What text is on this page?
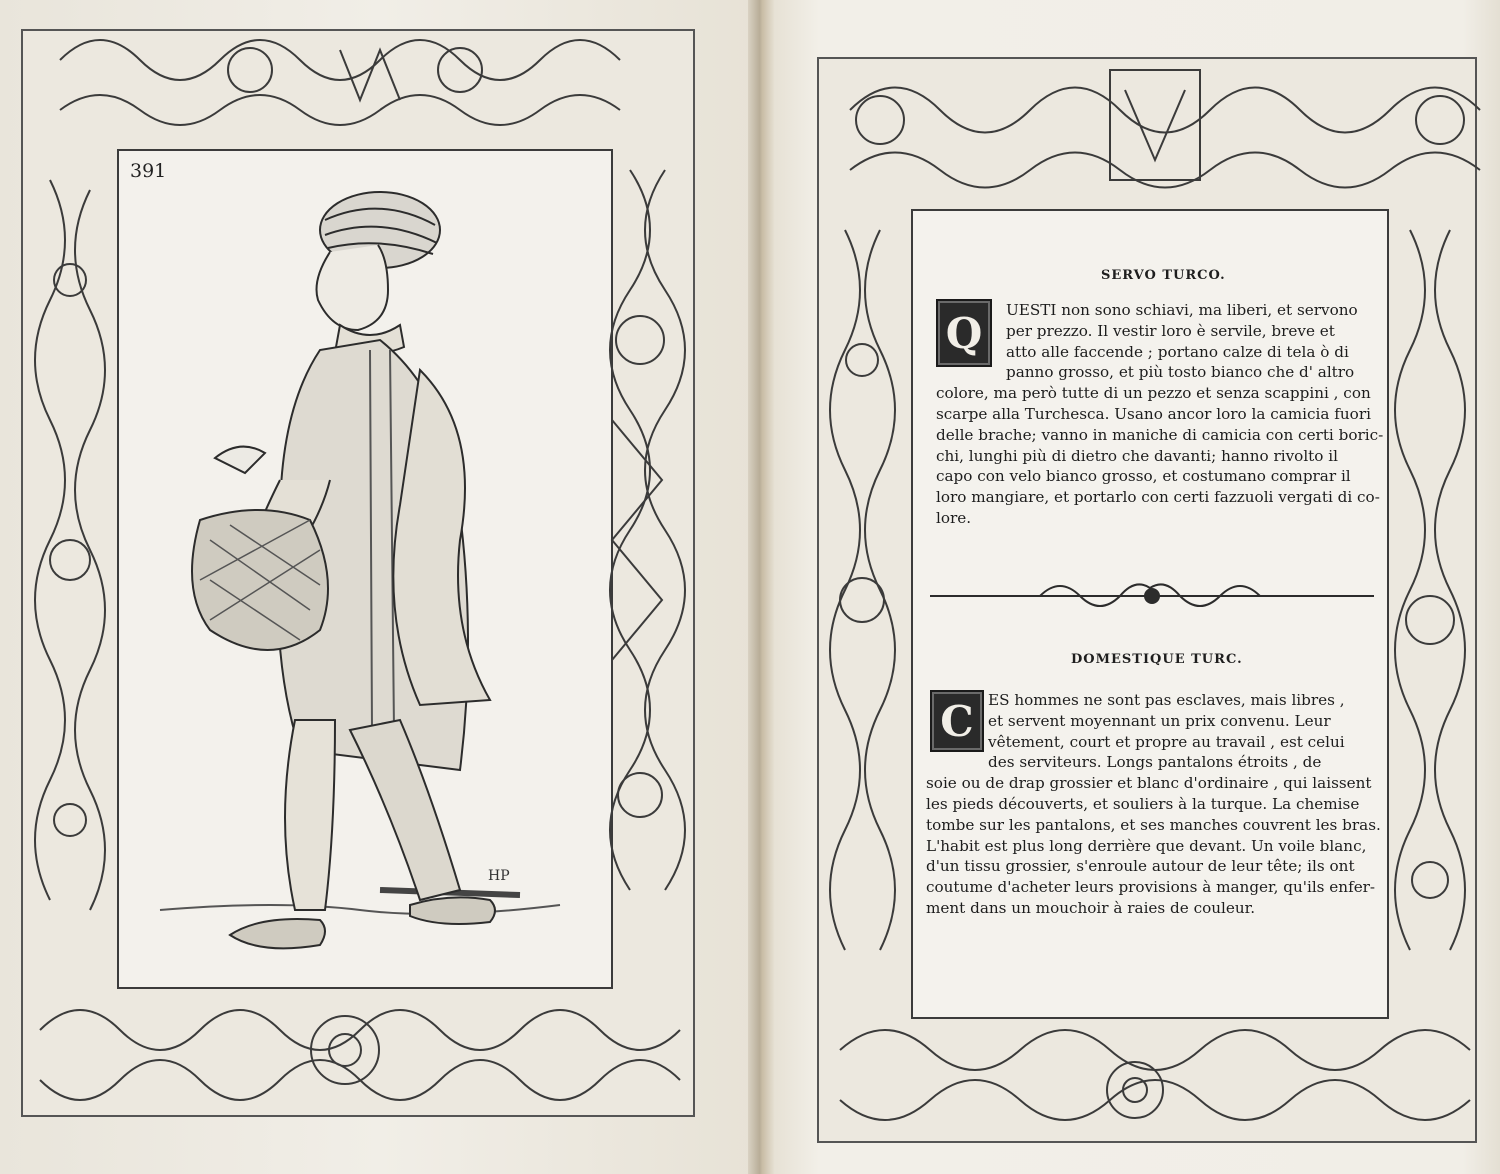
391
HP
SERVO TURCO.
Q	UESTI non sono schiavi, ma liberi, et servono
per prezzo. Il vestir loro è servile, breve et
atto alle faccende ; portano calze di tela ò di
panno grosso, et più tosto bianco che d' altro
colore, ma però tutte di un pezzo et senza scappini , con
scarpe alla Turchesca. Usano ancor loro la camicia fuori
delle brache; vanno in maniche di camicia con certi boric-
chi, lunghi più di dietro che davanti; hanno rivolto il
capo con velo bianco grosso, et costumano comprar il
loro mangiare, et portarlo con certi fazzuoli vergati di co-
lore.
DOMESTIQUE TURC.
C ES hommes ne sont pas esclaves, mais libres ,
et servent moyennant un prix convenu. Leur
vêtement, court et propre au travail , est celui
des serviteurs. Longs pantalons étroits , de
soie ou de drap grossier et blanc d'ordinaire , qui laissent
les pieds découverts, et souliers à la turque. La chemise
tombe sur les pantalons, et ses manches couvrent les bras.
L'habit est plus long derrière que devant. Un voile blanc,
d'un tissu grossier, s'enroule autour de leur tête; ils ont
coutume d'acheter leurs provisions à manger, qu'ils enfer-
ment dans un mouchoir à raies de couleur.
